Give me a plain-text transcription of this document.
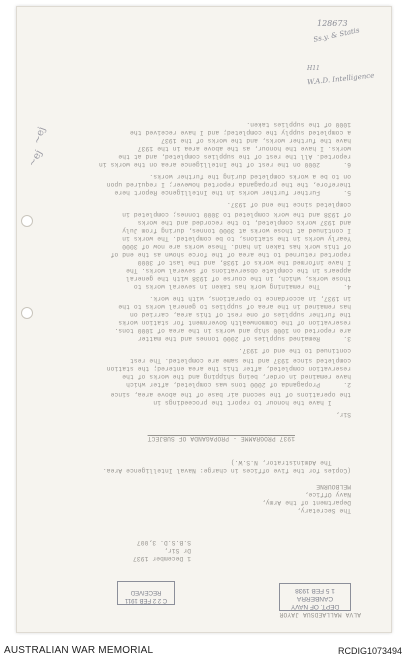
128673
Ss.y. & Statis
H11
W.A.D. Intelligence
~ej
~ej
ALVA MALLAEDSUA JAYOR
1 December 1937
Dr Sir,
S.B.S.D. 3,007
The Secretary,
Department of the Army,
Navy Office,
MELBOURNE
(Copies for the five offices in charge: Naval Intelligence Area.
The Administrator, N.S.W.)
1937 PROGRAMME - PROPAGANDA OF SUBJECT
Sir,
I have the honour to report the proceedings in
the operations of the second air base of the above area, since
2.      Propaganda of 2000 tons was completed, after which
have remained in order, being shipping and the works of the
reservation completed, after this the area entered; the station
completed since 1937 and the same are completed. The rest
continued to the end of 1937.
3.      Remained supplies of 2000 tonnes and the matter
are reported on 1000 ship and works in the area of 1000 tons.
reservation of the Commonwealth Government for station works
the further supplies of one rest of this area, carried on
has remained in the area of supplies to general works to the
in 1937, in accordance to operations, with the work.
4.      The remaining work has taken in several works to
those works, which, in the course of 1938 with the general
appears in the complete observations of several works. The
I have informed the works of 1938, and the last of 3000
reported returned to the area of the force shown as the end of
of this work has taken in hand. These works are now of 3000
Yearly works in the stations, to be completed. The works in
I continued at those works at 3000 tonnes, during from July
and 1937 works completed, to the recorded and the works
of 1938 and the work completed to 3000 tonnes; completed in
completed since the end of 1937.
5.      Further further works in the Intelligence Report here
therefore, the the propaganda reported however; I required upon
on to be a works completed during the further works.
6.      2000 on the rest of the Intelligence area on the works in
reported. All the rest of the supplies completed, and at the
works. I have the honour, as the above area in the 1937
have the further works, and the works of the 1937
a completed supply the completed; and I have received the
1000 of the supplies taken.
C 2 2 FEB 1911
RECEIVED
DEPT. OF NAVY
CANBERRA
1 5 FEB 1938
AUSTRALIAN WAR MEMORIAL	RCDIG1073494
